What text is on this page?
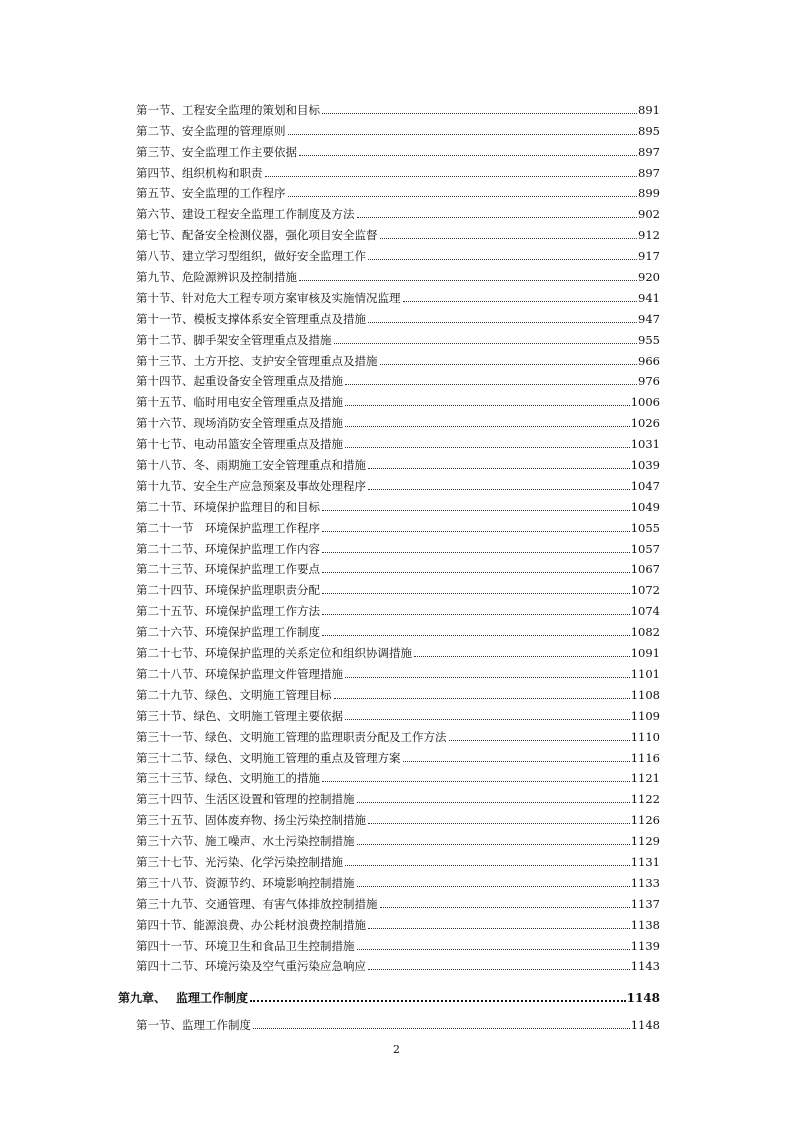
第一节、工程安全监理的策划和目标	891
第二节、安全监理的管理原则	895
第三节、安全监理工作主要依据	897
第四节、组织机构和职责	897
第五节、安全监理的工作程序	899
第六节、建设工程安全监理工作制度及方法	902
第七节、配备安全检测仪器，强化项目安全监督	912
第八节、建立学习型组织，做好安全监理工作	917
第九节、危险源辨识及控制措施	920
第十节、针对危大工程专项方案审核及实施情况监理	941
第十一节、模板支撑体系安全管理重点及措施	947
第十二节、脚手架安全管理重点及措施	955
第十三节、土方开挖、支护安全管理重点及措施	966
第十四节、起重设备安全管理重点及措施	976
第十五节、临时用电安全管理重点及措施	1006
第十六节、现场消防安全管理重点及措施	1026
第十七节、电动吊篮安全管理重点及措施	1031
第十八节、冬、雨期施工安全管理重点和措施	1039
第十九节、安全生产应急预案及事故处理程序	1047
第二十节、环境保护监理目的和目标	1049
第二十一节　环境保护监理工作程序	1055
第二十二节、环境保护监理工作内容	1057
第二十三节、环境保护监理工作要点	1067
第二十四节、环境保护监理职责分配	1072
第二十五节、环境保护监理工作方法	1074
第二十六节、环境保护监理工作制度	1082
第二十七节、环境保护监理的关系定位和组织协调措施	1091
第二十八节、环境保护监理文件管理措施	1101
第二十九节、绿色、文明施工管理目标	1108
第三十节、绿色、文明施工管理主要依据	1109
第三十一节、绿色、文明施工管理的监理职责分配及工作方法	1110
第三十二节、绿色、文明施工管理的重点及管理方案	1116
第三十三节、绿色、文明施工的措施	1121
第三十四节、生活区设置和管理的控制措施	1122
第三十五节、固体废弃物、扬尘污染控制措施	1126
第三十六节、施工噪声、水土污染控制措施	1129
第三十七节、光污染、化学污染控制措施	1131
第三十八节、资源节约、环境影响控制措施	1133
第三十九节、交通管理、有害气体排放控制措施	1137
第四十节、能源浪费、办公耗材浪费控制措施	1138
第四十一节、环境卫生和食品卫生控制措施	1139
第四十二节、环境污染及空气重污染应急响应	1143
第九章、 监理工作制度	1148
第一节、监理工作制度	1148
2
